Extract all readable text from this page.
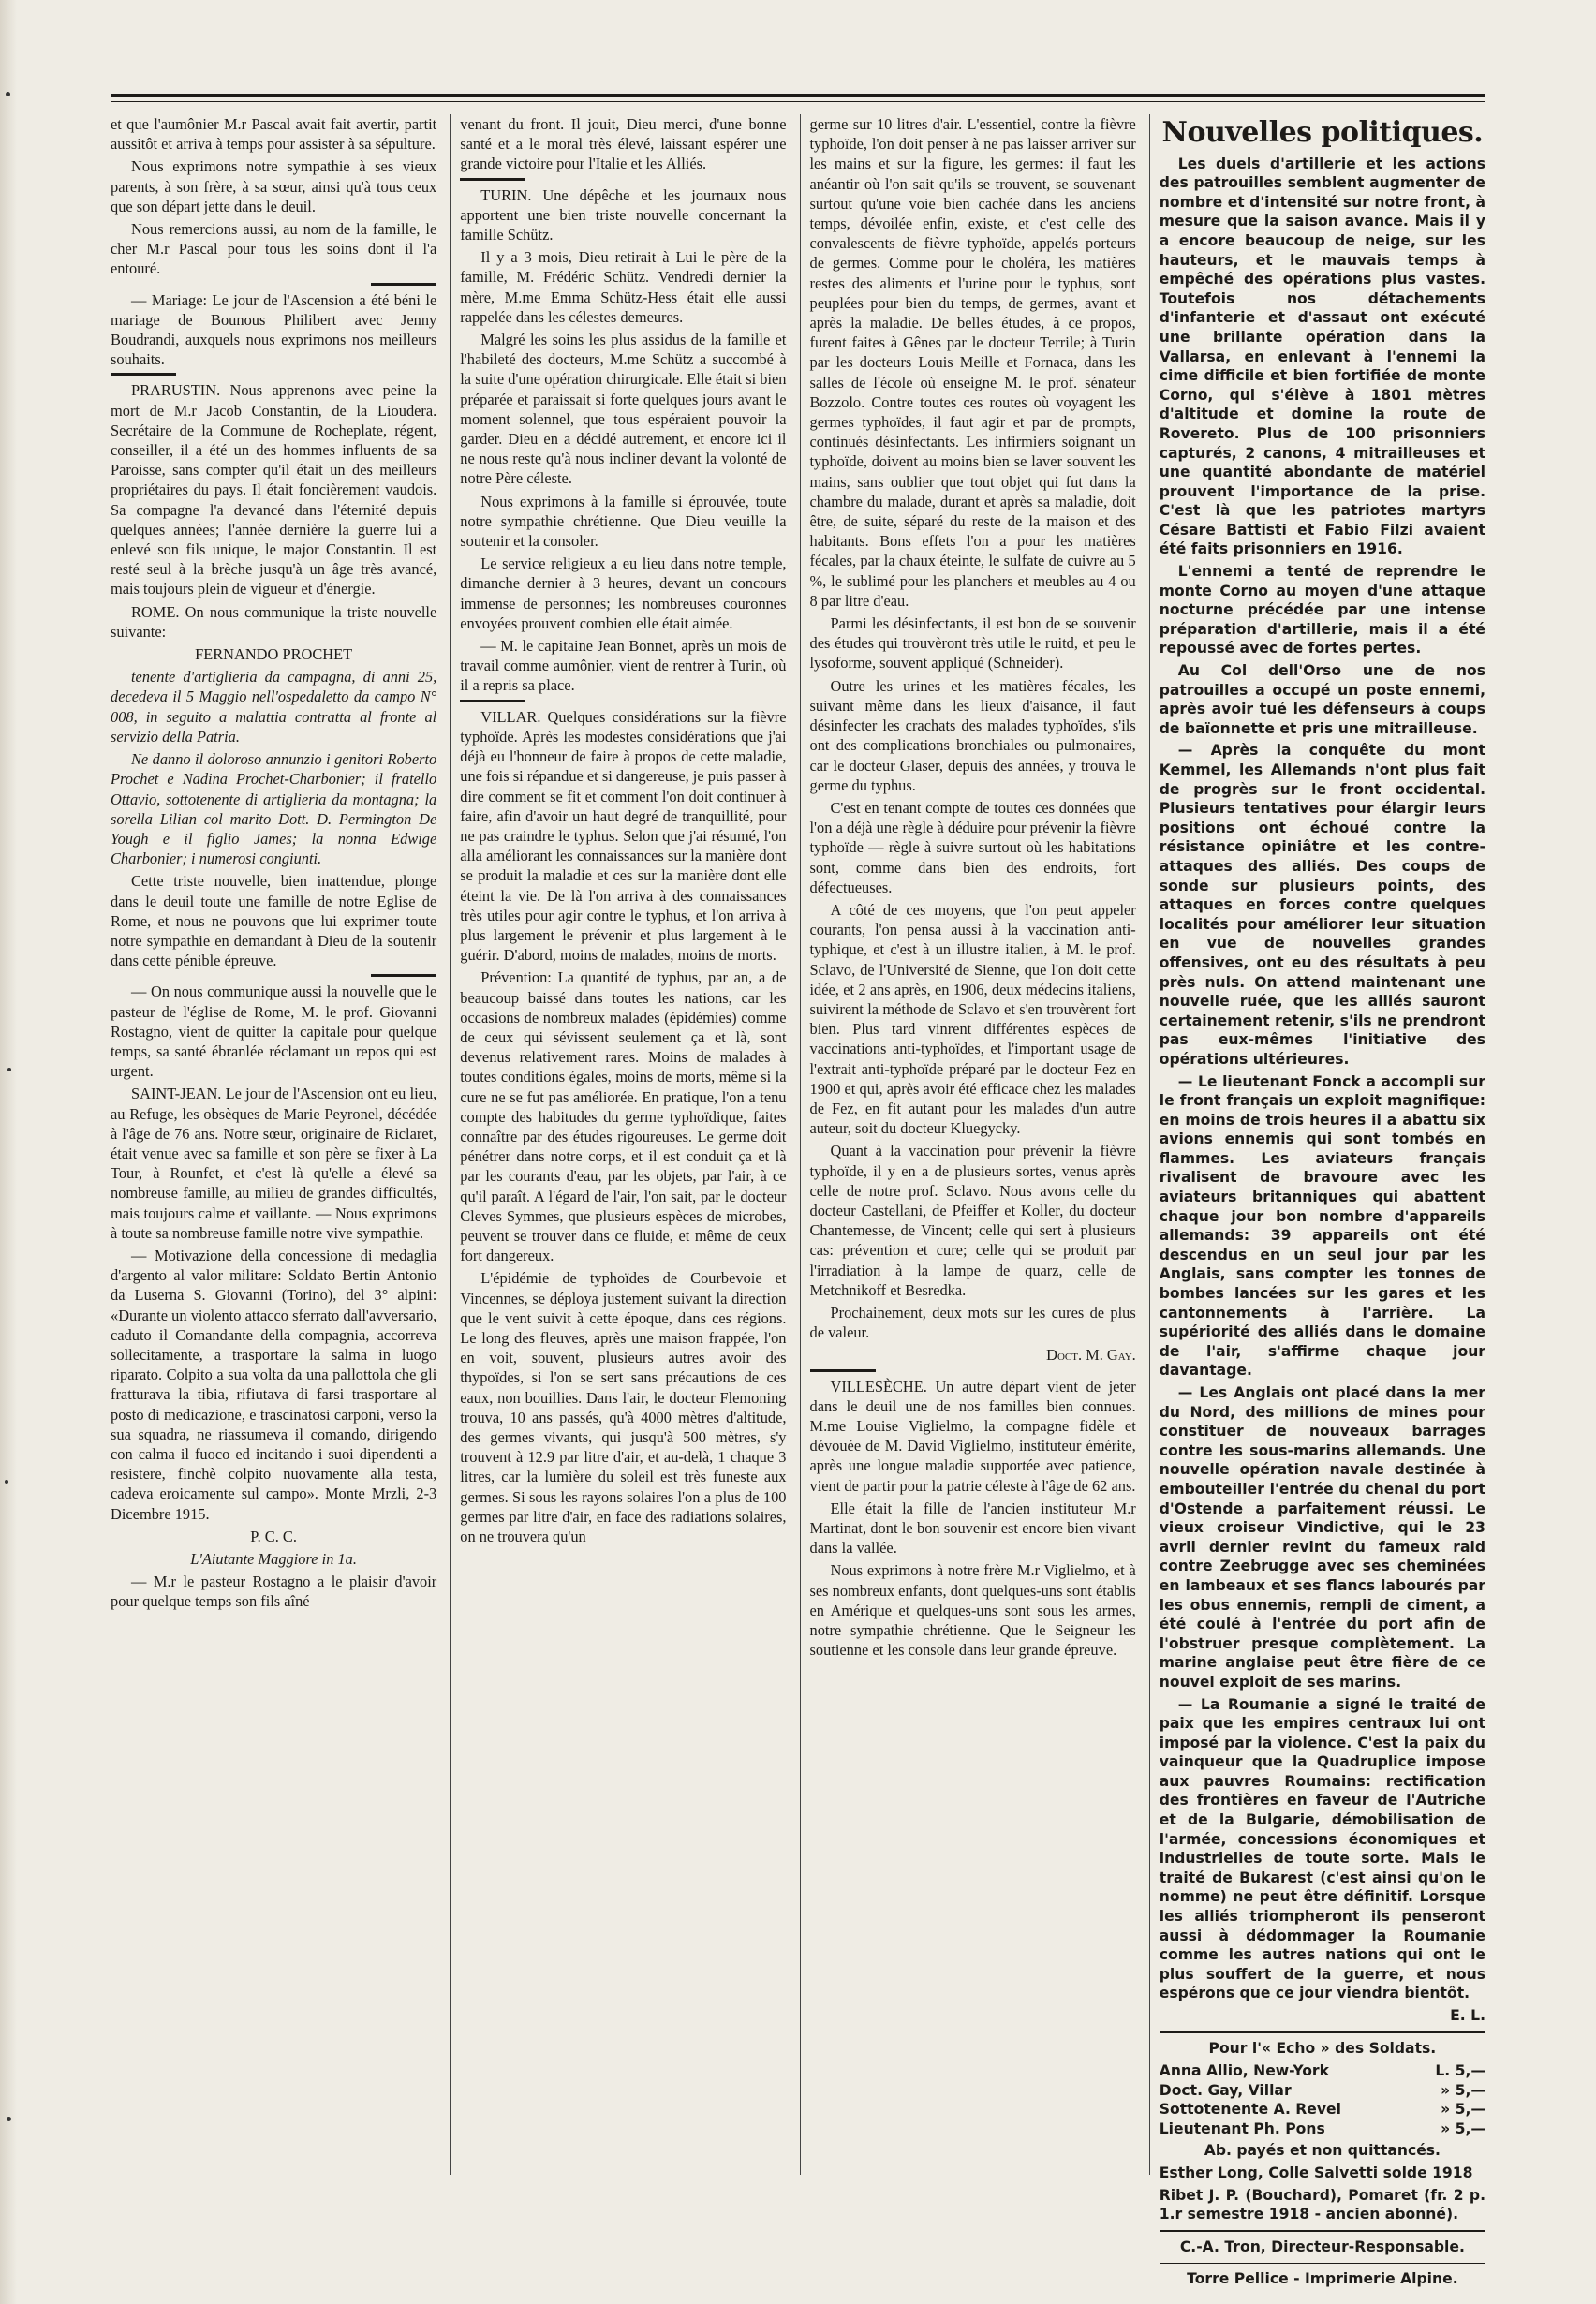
et que l'aumônier M.r Pascal avait fait avertir, partit aussitôt et arriva à temps pour assister à sa sépulture.

Nous exprimons notre sympathie à ses vieux parents, à son frère, à sa sœur, ainsi qu'à tous ceux que son départ jette dans le deuil.

Nous remercions aussi, au nom de la famille, le cher M.r Pascal pour tous les soins dont il l'a entouré.

— Mariage: Le jour de l'Ascension a été béni le mariage de Bounous Philibert avec Jenny Boudrandi, auxquels nous exprimons nos meilleurs souhaits.

PRARUSTIN. Nous apprenons avec peine la mort de M.r Jacob Constantin, de la Lioudera. Secrétaire de la Commune de Rocheplate, régent, conseiller, il a été un des hommes influents de sa Paroisse, sans compter qu'il était un des meilleurs propriétaires du pays. Il était foncièrement vaudois. Sa compagne l'a devancé dans l'éternité depuis quelques années; l'année dernière la guerre lui a enlevé son fils unique, le major Constantin. Il est resté seul à la brèche jusqu'à un âge très avancé, mais toujours plein de vigueur et d'énergie.

ROME. On nous communique la triste nouvelle suivante:

FERNANDO PROCHET

tenente d'artiglieria da campagna, di anni 25, decedeva il 5 Maggio nell'ospedaletto da campo N° 008, in seguito a malattia contratta al fronte al servizio della Patria.

Ne danno il doloroso annunzio i genitori Roberto Prochet e Nadina Prochet-Charbonier; il fratello Ottavio, sottotenente di artiglieria da montagna; la sorella Lilian col marito Dott. D. Permington De Yough e il figlio James; la nonna Edwige Charbonier; i numerosi congiunti.

Cette triste nouvelle, bien inattendue, plonge dans le deuil toute une famille de notre Eglise de Rome, et nous ne pouvons que lui exprimer toute notre sympathie en demandant à Dieu de la soutenir dans cette pénible épreuve.

— On nous communique aussi la nouvelle que le pasteur de l'église de Rome, M. le prof. Giovanni Rostagno, vient de quitter la capitale pour quelque temps, sa santé ébranlée réclamant un repos qui est urgent.

SAINT-JEAN. Le jour de l'Ascension ont eu lieu, au Refuge, les obsèques de Marie Peyronel, décédée à l'âge de 76 ans. Notre sœur, originaire de Riclaret, était venue avec sa famille et son père se fixer à La Tour, à Rounfet, et c'est là qu'elle a élevé sa nombreuse famille, au milieu de grandes difficultés, mais toujours calme et vaillante. — Nous exprimons à toute sa nombreuse famille notre vive sympathie.

— Motivazione della concessione di medaglia d'argento al valor militare: Soldato Bertin Antonio da Luserna S. Giovanni (Torino), del 3° alpini: «Durante un violento attacco sferrato dall'avversario, caduto il Comandante della compagnia, accorreva sollecitamente, a trasportare la salma in luogo riparato. Colpito a sua volta da una pallottola che gli fratturava la tibia, rifiutava di farsi trasportare al posto di medicazione, e trascinatosi carponi, verso la sua squadra, ne riassumeva il comando, dirigendo con calma il fuoco ed incitando i suoi dipendenti a resistere, finchè colpito nuovamente alla testa, cadeva eroicamente sul campo». Monte Mrzli, 2-3 Dicembre 1915.

P. C. C.

L'Aiutante Maggiore in 1a.

— M.r le pasteur Rostagno a le plaisir d'avoir pour quelque temps son fils aîné

venant du front. Il jouit, Dieu merci, d'une bonne santé et a le moral très élevé, laissant espérer une grande victoire pour l'Italie et les Alliés.

TURIN. Une dépêche et les journaux nous apportent une bien triste nouvelle concernant la famille Schütz.

Il y a 3 mois, Dieu retirait à Lui le père de la famille, M. Frédéric Schütz. Vendredi dernier la mère, M.me Emma Schütz-Hess était elle aussi rappelée dans les célestes demeures.

Malgré les soins les plus assidus de la famille et l'habileté des docteurs, M.me Schütz a succombé à la suite d'une opération chirurgicale. Elle était si bien préparée et paraissait si forte quelques jours avant le moment solennel, que tous espéraient pouvoir la garder. Dieu en a décidé autrement, et encore ici il ne nous reste qu'à nous incliner devant la volonté de notre Père céleste.

Nous exprimons à la famille si éprouvée, toute notre sympathie chrétienne. Que Dieu veuille la soutenir et la consoler.

Le service religieux a eu lieu dans notre temple, dimanche dernier à 3 heures, devant un concours immense de personnes; les nombreuses couronnes envoyées prouvent combien elle était aimée.

— M. le capitaine Jean Bonnet, après un mois de travail comme aumônier, vient de rentrer à Turin, où il a repris sa place.

VILLAR. Quelques considérations sur la fièvre typhoïde. Après les modestes considérations que j'ai déjà eu l'honneur de faire à propos de cette maladie, une fois si répandue et si dangereuse, je puis passer à dire comment se fit et comment l'on doit continuer à faire, afin d'avoir un haut degré de tranquillité, pour ne pas craindre le typhus. Selon que j'ai résumé, l'on alla améliorant les connaissances sur la manière dont se produit la maladie et ces sur la manière dont elle éteint la vie. De là l'on arriva à des connaissances très utiles pour agir contre le typhus, et l'on arriva à plus largement le prévenir et plus largement à le guérir. D'abord, moins de malades, moins de morts.

Prévention: La quantité de typhus, par an, a de beaucoup baissé dans toutes les nations, car les occasions de nombreux malades (épidémies) comme de ceux qui sévissent seulement ça et là, sont devenus relativement rares. Moins de malades à toutes conditions égales, moins de morts, même si la cure ne se fut pas améliorée. En pratique, l'on a tenu compte des habitudes du germe typhoïdique, faites connaître par des études rigoureuses. Le germe doit pénétrer dans notre corps, et il est conduit ça et là par les courants d'eau, par les objets, par l'air, à ce qu'il paraît. A l'égard de l'air, l'on sait, par le docteur Cleves Symmes, que plusieurs espèces de microbes, peuvent se trouver dans ce fluide, et même de ceux fort dangereux.

L'épidémie de typhoïdes de Courbevoie et Vincennes, se déploya justement suivant la direction que le vent suivit à cette époque, dans ces régions. Le long des fleuves, après une maison frappée, l'on en voit, souvent, plusieurs autres avoir des thypoïdes, si l'on se sert sans précautions de ces eaux, non bouillies. Dans l'air, le docteur Flemoning trouva, 10 ans passés, qu'à 4000 mètres d'altitude, des germes vivants, qui jusqu'à 500 mètres, s'y trouvent à 12.9 par litre d'air, et au-delà, 1 chaque 3 litres, car la lumière du soleil est très funeste aux germes. Si sous les rayons solaires l'on a plus de 100 germes par litre d'air, en face des radiations solaires, on ne trouvera qu'un

germe sur 10 litres d'air. L'essentiel, contre la fièvre typhoïde, l'on doit penser à ne pas laisser arriver sur les mains et sur la figure, les germes: il faut les anéantir où l'on sait qu'ils se trouvent, se souvenant surtout qu'une voie bien cachée dans les anciens temps, dévoilée enfin, existe, et c'est celle des convalescents de fièvre typhoïde, appelés porteurs de germes. Comme pour le choléra, les matières restes des aliments et l'urine pour le typhus, sont peuplées pour bien du temps, de germes, avant et après la maladie. De belles études, à ce propos, furent faites à Gênes par le docteur Terrile; à Turin par les docteurs Louis Meille et Fornaca, dans les salles de l'école où enseigne M. le prof. sénateur Bozzolo. Contre toutes ces routes où voyagent les germes typhoïdes, il faut agir et par de prompts, continués désinfectants. Les infirmiers soignant un typhoïde, doivent au moins bien se laver souvent les mains, sans oublier que tout objet qui fut dans la chambre du malade, durant et après sa maladie, doit être, de suite, séparé du reste de la maison et des habitants. Bons effets l'on a pour les matières fécales, par la chaux éteinte, le sulfate de cuivre au 5 %, le sublimé pour les planchers et meubles au 4 ou 8 par litre d'eau.

Parmi les désinfectants, il est bon de se souvenir des études qui trouvèront très utile le ruitd, et peu le lysoforme, souvent appliqué (Schneider).

Outre les urines et les matières fécales, les suivant même dans les lieux d'aisance, il faut désinfecter les crachats des malades typhoïdes, s'ils ont des complications bronchiales ou pulmonaires, car le docteur Glaser, depuis des années, y trouva le germe du typhus.

C'est en tenant compte de toutes ces données que l'on a déjà une règle à déduire pour prévenir la fièvre typhoïde — règle à suivre surtout où les habitations sont, comme dans bien des endroits, fort défectueuses.

A côté de ces moyens, que l'on peut appeler courants, l'on pensa aussi à la vaccination anti-typhique, et c'est à un illustre italien, à M. le prof. Sclavo, de l'Université de Sienne, que l'on doit cette idée, et 2 ans après, en 1906, deux médecins italiens, suivirent la méthode de Sclavo et s'en trouvèrent fort bien. Plus tard vinrent différentes espèces de vaccinations anti-typhoïdes, et l'important usage de l'extrait anti-typhoïde préparé par le docteur Fez en 1900 et qui, après avoir été efficace chez les malades de Fez, en fit autant pour les malades d'un autre auteur, soit du docteur Kluegycky.

Quant à la vaccination pour prévenir la fièvre typhoïde, il y en a de plusieurs sortes, venus après celle de notre prof. Sclavo. Nous avons celle du docteur Castellani, de Pfeiffer et Koller, du docteur Chantemesse, de Vincent; celle qui sert à plusieurs cas: prévention et cure; celle qui se produit par l'irradiation à la lampe de quarz, celle de Metchnikoff et Besredka.

Prochainement, deux mots sur les cures de plus de valeur.

Doct. M. Gay.

VILLESÈCHE. Un autre départ vient de jeter dans le deuil une de nos familles bien connues. M.me Louise Viglielmo, la compagne fidèle et dévouée de M. David Viglielmo, instituteur émérite, après une longue maladie supportée avec patience, vient de partir pour la patrie céleste à l'âge de 62 ans.

Elle était la fille de l'ancien instituteur M.r Martinat, dont le bon souvenir est encore bien vivant dans la vallée.

Nous exprimons à notre frère M.r Viglielmo, et à ses nombreux enfants, dont quelques-uns sont établis en Amérique et quelques-uns sont sous les armes, notre sympathie chrétienne. Que le Seigneur les soutienne et les console dans leur grande épreuve.

Nouvelles politiques.

Les duels d'artillerie et les actions des patrouilles semblent augmenter de nombre et d'intensité sur notre front, à mesure que la saison avance. Mais il y a encore beaucoup de neige, sur les hauteurs, et le mauvais temps à empêché des opérations plus vastes. Toutefois nos détachements d'infanterie et d'assaut ont exécuté une brillante opération dans la Vallarsa, en enlevant à l'ennemi la cime difficile et bien fortifiée de monte Corno, qui s'élève à 1801 mètres d'altitude et domine la route de Rovereto. Plus de 100 prisonniers capturés, 2 canons, 4 mitrailleuses et une quantité abondante de matériel prouvent l'importance de la prise. C'est là que les patriotes martyrs Césare Battisti et Fabio Filzi avaient été faits prisonniers en 1916.

L'ennemi a tenté de reprendre le monte Corno au moyen d'une attaque nocturne précédée par une intense préparation d'artillerie, mais il a été repoussé avec de fortes pertes.

Au Col dell'Orso une de nos patrouilles a occupé un poste ennemi, après avoir tué les défenseurs à coups de baïonnette et pris une mitrailleuse.

— Après la conquête du mont Kemmel, les Allemands n'ont plus fait de progrès sur le front occidental. Plusieurs tentatives pour élargir leurs positions ont échoué contre la résistance opiniâtre et les contre-attaques des alliés. Des coups de sonde sur plusieurs points, des attaques en forces contre quelques localités pour améliorer leur situation en vue de nouvelles grandes offensives, ont eu des résultats à peu près nuls. On attend maintenant une nouvelle ruée, que les alliés sauront certainement retenir, s'ils ne prendront pas eux-mêmes l'initiative des opérations ultérieures.

— Le lieutenant Fonck a accompli sur le front français un exploit magnifique: en moins de trois heures il a abattu six avions ennemis qui sont tombés en flammes. Les aviateurs français rivalisent de bravoure avec les aviateurs britanniques qui abattent chaque jour bon nombre d'appareils allemands: 39 appareils ont été descendus en un seul jour par les Anglais, sans compter les tonnes de bombes lancées sur les gares et les cantonnements à l'arrière. La supériorité des alliés dans le domaine de l'air, s'affirme chaque jour davantage.

— Les Anglais ont placé dans la mer du Nord, des millions de mines pour constituer de nouveaux barrages contre les sous-marins allemands. Une nouvelle opération navale destinée à embouteiller l'entrée du chenal du port d'Ostende a parfaitement réussi. Le vieux croiseur Vindictive, qui le 23 avril dernier revint du fameux raid contre Zeebrugge avec ses cheminées en lambeaux et ses flancs labourés par les obus ennemis, rempli de ciment, a été coulé à l'entrée du port afin de l'obstruer presque complètement. La marine anglaise peut être fière de ce nouvel exploit de ses marins.

— La Roumanie a signé le traité de paix que les empires centraux lui ont imposé par la violence. C'est la paix du vainqueur que la Quadruplice impose aux pauvres Roumains: rectification des frontières en faveur de l'Autriche et de la Bulgarie, démobilisation de l'armée, concessions économiques et industrielles de toute sorte. Mais le traité de Bukarest (c'est ainsi qu'on le nomme) ne peut être définitif. Lorsque les alliés triompheront ils penseront aussi à dédommager la Roumanie comme les autres nations qui ont le plus souffert de la guerre, et nous espérons que ce jour viendra bientôt.

E. L.

Pour l'« Echo » des Soldats.
Anna Allio, New-York	L. 5,—
Doct. Gay, Villar	» 5,—
Sottotenente A. Revel	» 5,—
Lieutenant Ph. Pons	» 5,—
Ab. payés et non quittancés.

Esther Long, Colle Salvetti solde 1918

Ribet J. P. (Bouchard), Pomaret (fr. 2 p. 1.r semestre 1918 - ancien abonné).

C.-A. Tron, Directeur-Responsable.
Torre Pellice - Imprimerie Alpine.
